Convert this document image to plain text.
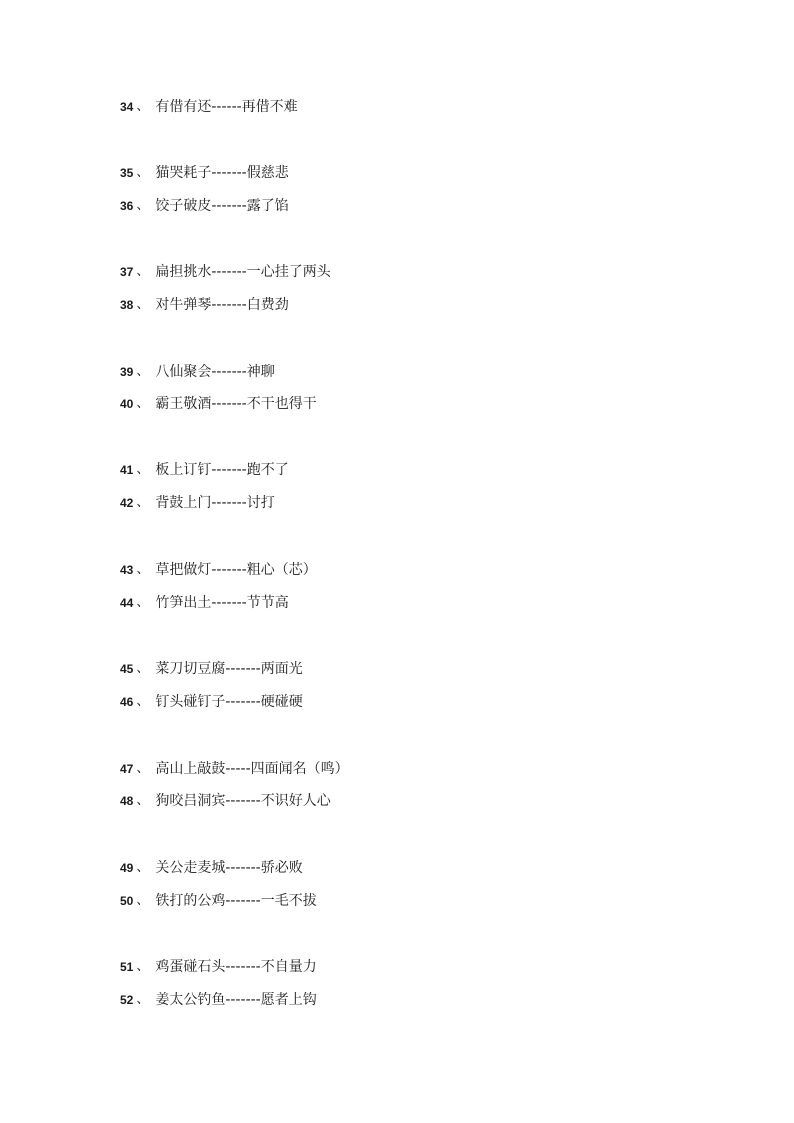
34 、 有借有还------再借不难
35 、 猫哭耗子-------假慈悲
36 、 饺子破皮-------露了馅
37 、 扁担挑水-------一心挂了两头
38 、 对牛弹琴-------白费劲
39 、 八仙聚会-------神聊
40 、 霸王敬酒-------不干也得干
41 、 板上订钉-------跑不了
42 、 背鼓上门-------讨打
43 、 草把做灯-------粗心（芯）
44 、 竹笋出土-------节节高
45 、 菜刀切豆腐-------两面光
46 、 钉头碰钉子-------硬碰硬
47 、 高山上敲鼓-----四面闻名（鸣）
48 、 狗咬吕洞宾-------不识好人心
49 、 关公走麦城-------骄必败
50 、 铁打的公鸡-------一毛不拔
51 、 鸡蛋碰石头-------不自量力
52 、 姜太公钓鱼-------愿者上钩
